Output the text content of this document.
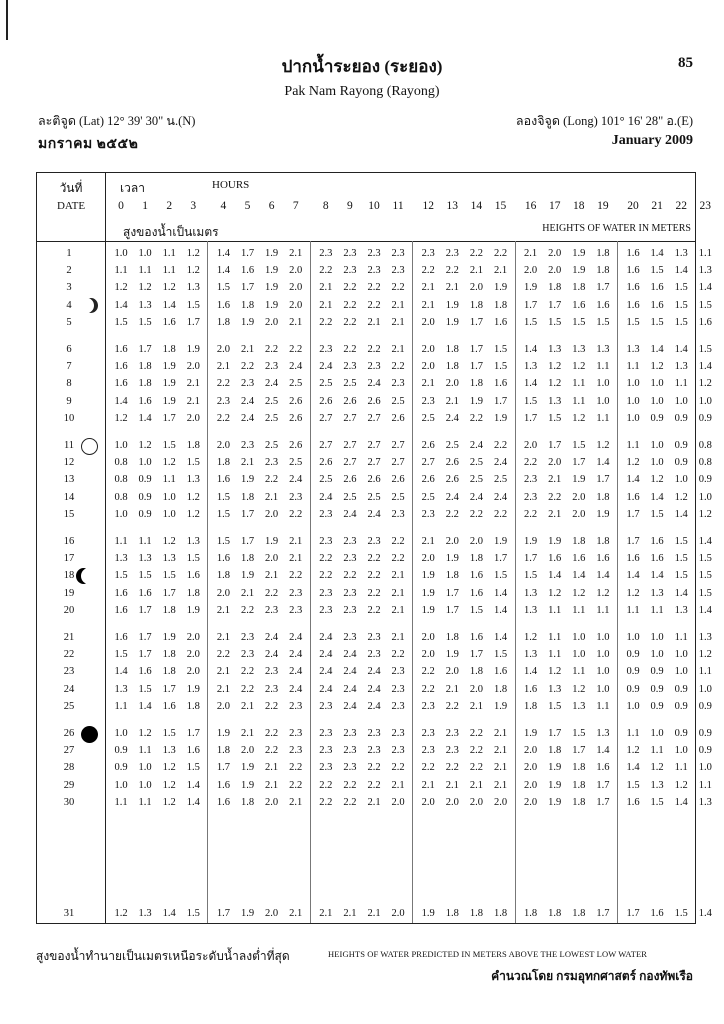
ปากน้ำระยอง (ระยอง)	85
Pak Nam Rayong (Rayong)
ละติจูด (Lat) 12° 39' 30" น.(N)	ลองจิจูด (Long) 101° 16' 28" อ.(E)
มกราคม ๒๕๕๒	January 2009
วันที่
DATE
เวลา	HOURS
สูงของน้ำเป็นเมตร	HEIGHTS OF WATER IN METERS
0	1	2	3	4	5	6	7	8	9	10	11	12	13	14	15	16	17	18	19	20	21	22	23
1	1.0	1.0	1.1	1.2	1.4	1.7	1.9	2.1	2.3	2.3	2.3	2.3	2.3	2.3	2.2	2.2	2.1	2.0	1.9	1.8	1.6	1.4	1.3	1.1
2	1.1	1.1	1.1	1.2	1.4	1.6	1.9	2.0	2.2	2.3	2.3	2.3	2.2	2.2	2.1	2.1	2.0	2.0	1.9	1.8	1.6	1.5	1.4	1.3
3	1.2	1.2	1.2	1.3	1.5	1.7	1.9	2.0	2.1	2.2	2.2	2.2	2.1	2.1	2.0	1.9	1.9	1.8	1.8	1.7	1.6	1.6	1.5	1.4
4	1.4	1.3	1.4	1.5	1.6	1.8	1.9	2.0	2.1	2.2	2.2	2.1	2.1	1.9	1.8	1.8	1.7	1.7	1.6	1.6	1.6	1.6	1.5	1.5
5	1.5	1.5	1.6	1.7	1.8	1.9	2.0	2.1	2.2	2.2	2.1	2.1	2.0	1.9	1.7	1.6	1.5	1.5	1.5	1.5	1.5	1.5	1.5	1.6
6	1.6	1.7	1.8	1.9	2.0	2.1	2.2	2.2	2.3	2.2	2.2	2.1	2.0	1.8	1.7	1.5	1.4	1.3	1.3	1.3	1.3	1.4	1.4	1.5
7	1.6	1.8	1.9	2.0	2.1	2.2	2.3	2.4	2.4	2.3	2.3	2.2	2.0	1.8	1.7	1.5	1.3	1.2	1.2	1.1	1.1	1.2	1.3	1.4
8	1.6	1.8	1.9	2.1	2.2	2.3	2.4	2.5	2.5	2.5	2.4	2.3	2.1	2.0	1.8	1.6	1.4	1.2	1.1	1.0	1.0	1.0	1.1	1.2
9	1.4	1.6	1.9	2.1	2.3	2.4	2.5	2.6	2.6	2.6	2.6	2.5	2.3	2.1	1.9	1.7	1.5	1.3	1.1	1.0	1.0	1.0	1.0	1.0
10	1.2	1.4	1.7	2.0	2.2	2.4	2.5	2.6	2.7	2.7	2.7	2.6	2.5	2.4	2.2	1.9	1.7	1.5	1.2	1.1	1.0	0.9	0.9	0.9
11	1.0	1.2	1.5	1.8	2.0	2.3	2.5	2.6	2.7	2.7	2.7	2.7	2.6	2.5	2.4	2.2	2.0	1.7	1.5	1.2	1.1	1.0	0.9	0.8
12	0.8	1.0	1.2	1.5	1.8	2.1	2.3	2.5	2.6	2.7	2.7	2.7	2.7	2.6	2.5	2.4	2.2	2.0	1.7	1.4	1.2	1.0	0.9	0.8
13	0.8	0.9	1.1	1.3	1.6	1.9	2.2	2.4	2.5	2.6	2.6	2.6	2.6	2.6	2.5	2.5	2.3	2.1	1.9	1.7	1.4	1.2	1.0	0.9
14	0.8	0.9	1.0	1.2	1.5	1.8	2.1	2.3	2.4	2.5	2.5	2.5	2.5	2.4	2.4	2.4	2.3	2.2	2.0	1.8	1.6	1.4	1.2	1.0
15	1.0	0.9	1.0	1.2	1.5	1.7	2.0	2.2	2.3	2.4	2.4	2.3	2.3	2.2	2.2	2.2	2.2	2.1	2.0	1.9	1.7	1.5	1.4	1.2
16	1.1	1.1	1.2	1.3	1.5	1.7	1.9	2.1	2.3	2.3	2.3	2.2	2.1	2.0	2.0	1.9	1.9	1.9	1.8	1.8	1.7	1.6	1.5	1.4
17	1.3	1.3	1.3	1.5	1.6	1.8	2.0	2.1	2.2	2.3	2.2	2.2	2.0	1.9	1.8	1.7	1.7	1.6	1.6	1.6	1.6	1.6	1.5	1.5
18	1.5	1.5	1.5	1.6	1.8	1.9	2.1	2.2	2.2	2.2	2.2	2.1	1.9	1.8	1.6	1.5	1.5	1.4	1.4	1.4	1.4	1.4	1.5	1.5
19	1.6	1.6	1.7	1.8	2.0	2.1	2.2	2.3	2.3	2.3	2.2	2.1	1.9	1.7	1.6	1.4	1.3	1.2	1.2	1.2	1.2	1.3	1.4	1.5
20	1.6	1.7	1.8	1.9	2.1	2.2	2.3	2.3	2.3	2.3	2.2	2.1	1.9	1.7	1.5	1.4	1.3	1.1	1.1	1.1	1.1	1.1	1.3	1.4
21	1.6	1.7	1.9	2.0	2.1	2.3	2.4	2.4	2.4	2.3	2.3	2.1	2.0	1.8	1.6	1.4	1.2	1.1	1.0	1.0	1.0	1.0	1.1	1.3
22	1.5	1.7	1.8	2.0	2.2	2.3	2.4	2.4	2.4	2.4	2.3	2.2	2.0	1.9	1.7	1.5	1.3	1.1	1.0	1.0	0.9	1.0	1.0	1.2
23	1.4	1.6	1.8	2.0	2.1	2.2	2.3	2.4	2.4	2.4	2.4	2.3	2.2	2.0	1.8	1.6	1.4	1.2	1.1	1.0	0.9	0.9	1.0	1.1
24	1.3	1.5	1.7	1.9	2.1	2.2	2.3	2.4	2.4	2.4	2.4	2.3	2.2	2.1	2.0	1.8	1.6	1.3	1.2	1.0	0.9	0.9	0.9	1.0
25	1.1	1.4	1.6	1.8	2.0	2.1	2.2	2.3	2.3	2.4	2.4	2.3	2.3	2.2	2.1	1.9	1.8	1.5	1.3	1.1	1.0	0.9	0.9	0.9
26	1.0	1.2	1.5	1.7	1.9	2.1	2.2	2.3	2.3	2.3	2.3	2.3	2.3	2.3	2.2	2.1	1.9	1.7	1.5	1.3	1.1	1.0	0.9	0.9
27	0.9	1.1	1.3	1.6	1.8	2.0	2.2	2.3	2.3	2.3	2.3	2.3	2.3	2.3	2.2	2.1	2.0	1.8	1.7	1.4	1.2	1.1	1.0	0.9
28	0.9	1.0	1.2	1.5	1.7	1.9	2.1	2.2	2.3	2.3	2.2	2.2	2.2	2.2	2.2	2.1	2.0	1.9	1.8	1.6	1.4	1.2	1.1	1.0
29	1.0	1.0	1.2	1.4	1.6	1.9	2.1	2.2	2.2	2.2	2.2	2.1	2.1	2.1	2.1	2.1	2.0	1.9	1.8	1.7	1.5	1.3	1.2	1.1
30	1.1	1.1	1.2	1.4	1.6	1.8	2.0	2.1	2.2	2.2	2.1	2.0	2.0	2.0	2.0	2.0	2.0	1.9	1.8	1.7	1.6	1.5	1.4	1.3
31	1.2	1.3	1.4	1.5	1.7	1.9	2.0	2.1	2.1	2.1	2.1	2.0	1.9	1.8	1.8	1.8	1.8	1.8	1.8	1.7	1.7	1.6	1.5	1.4
สูงของน้ำทำนายเป็นเมตรเหนือระดับน้ำลงต่ำที่สุด	HEIGHTS OF WATER PREDICTED IN METERS ABOVE THE LOWEST LOW WATER
คำนวณโดย กรมอุทกศาสตร์ กองทัพเรือ
